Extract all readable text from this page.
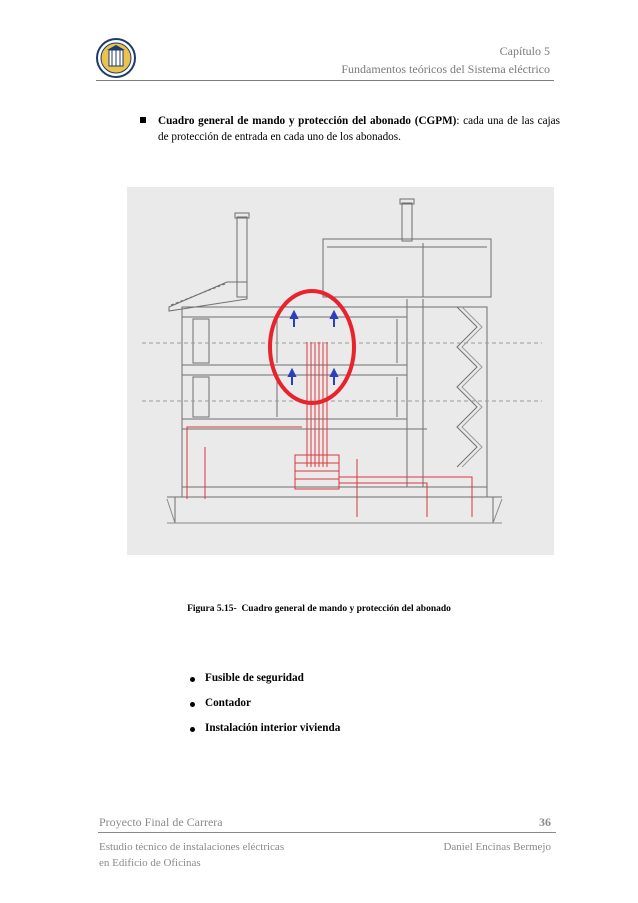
Capítulo 5
Fundamentos teóricos del Sistema eléctrico
Cuadro general de mando y protección del abonado (CGPM): cada una de las cajas de protección de entrada en cada uno de los abonados.
Figura 5.15- Cuadro general de mando y protección del abonado
Fusible de seguridad
Contador
Instalación interior vivienda
Proyecto Final de Carrera	36
Estudio técnico de instalaciones eléctricas
en Edificio de Oficinas
Daniel Encinas Bermejo
